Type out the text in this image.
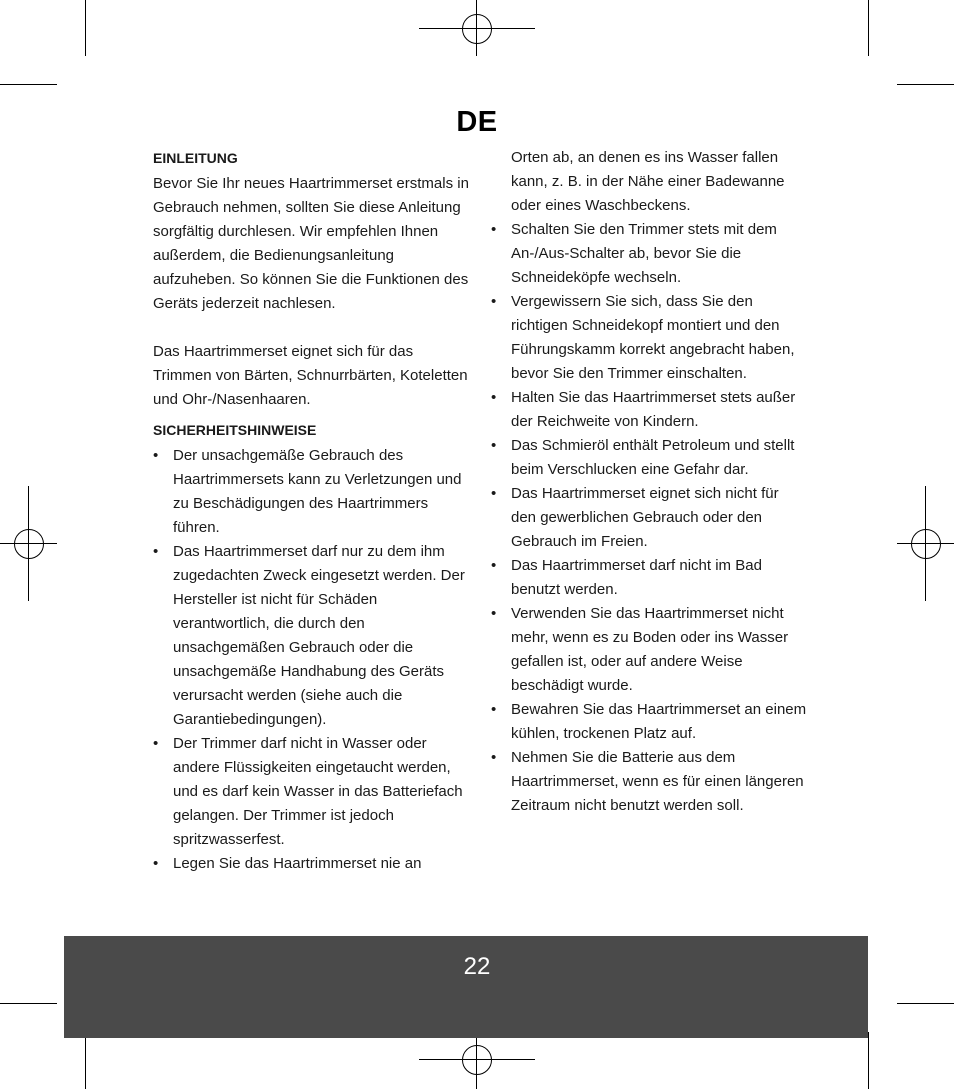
DE

EINLEITUNG

Bevor Sie Ihr neues Haartrimmerset erstmals in Gebrauch nehmen, sollten Sie diese Anleitung sorgfältig durchlesen. Wir empfehlen Ihnen außerdem, die Bedienungsanleitung aufzuheben. So können Sie die Funktionen des Geräts jederzeit nachlesen.

Das Haartrimmerset eignet sich für das Trimmen von Bärten, Schnurrbärten, Koteletten und Ohr-/Nasenhaaren.

SICHERHEITSHINWEISE

• Der unsachgemäße Gebrauch des Haartrimmersets kann zu Verletzungen und zu Beschädigungen des Haartrimmers führen.
• Das Haartrimmerset darf nur zu dem ihm zugedachten Zweck eingesetzt werden. Der Hersteller ist nicht für Schäden verantwortlich, die durch den unsachgemäßen Gebrauch oder die unsachgemäße Handhabung des Geräts verursacht werden (siehe auch die Garantiebedingungen).
• Der Trimmer darf nicht in Wasser oder andere Flüssigkeiten eingetaucht werden, und es darf kein Wasser in das Batteriefach gelangen. Der Trimmer ist jedoch spritzwasserfest.
• Legen Sie das Haartrimmerset nie an

Orten ab, an denen es ins Wasser fallen kann, z. B. in der Nähe einer Badewanne oder eines Waschbeckens.

• Schalten Sie den Trimmer stets mit dem An-/Aus-Schalter ab, bevor Sie die Schneideköpfe wechseln.
• Vergewissern Sie sich, dass Sie den richtigen Schneidekopf montiert und den Führungskamm korrekt angebracht haben, bevor Sie den Trimmer einschalten.
• Halten Sie das Haartrimmerset stets außer der Reichweite von Kindern.
• Das Schmieröl enthält Petroleum und stellt beim Verschlucken eine Gefahr dar.
• Das Haartrimmerset eignet sich nicht für den gewerblichen Gebrauch oder den Gebrauch im Freien.
• Das Haartrimmerset darf nicht im Bad benutzt werden.
• Verwenden Sie das Haartrimmerset nicht mehr, wenn es zu Boden oder ins Wasser gefallen ist, oder auf andere Weise beschädigt wurde.
• Bewahren Sie das Haartrimmerset an einem kühlen, trockenen Platz auf.
• Nehmen Sie die Batterie aus dem Haartrimmerset, wenn es für einen längeren Zeitraum nicht benutzt werden soll.
22
